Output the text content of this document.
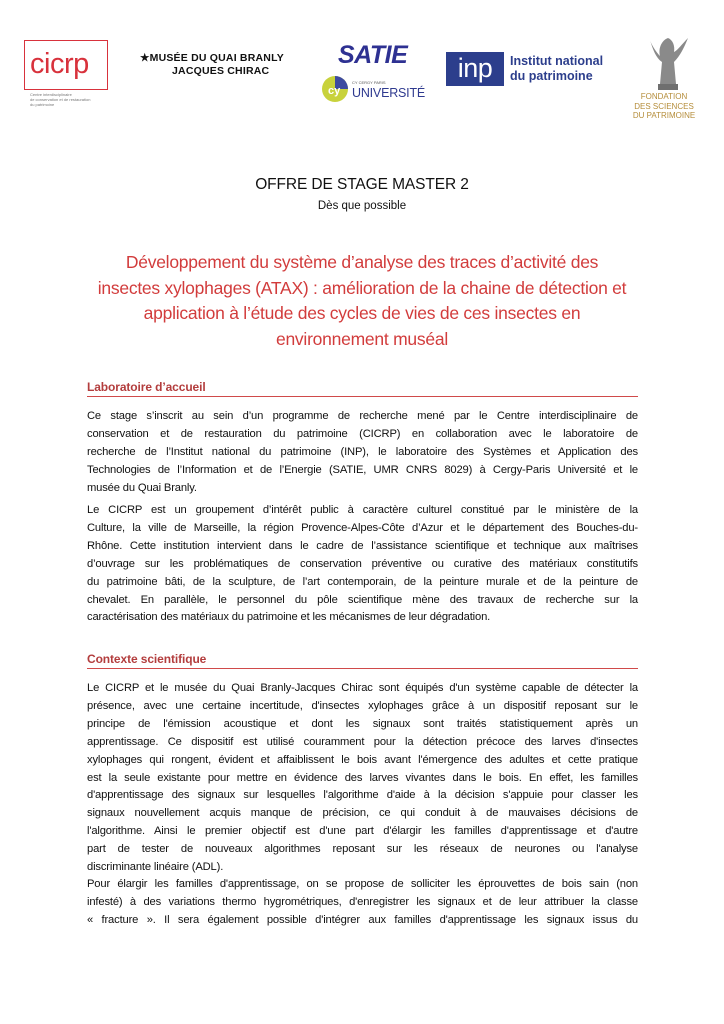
cicrp
Centre interdisciplinaire
de conservation et de restauration
du patrimoine
★MUSÉE DU QUAI BRANLY
JACQUES CHIRAC
SATIE
cy
CY CERGY PARIS
UNIVERSITÉ
inp	Institut national
du patrimoine
FONDATION
DES SCIENCES
DU PATRIMOINE
OFFRE DE STAGE MASTER 2
Dès que possible
Développement du système d’analyse des traces d’activité des
insectes xylophages (ATAX) : amélioration de la chaine de détection et
application à l’étude des cycles de vies de ces insectes en
environnement muséal
Laboratoire d’accueil
Ce stage s’inscrit au sein d’un programme de recherche mené par le Centre interdisciplinaire de
conservation et de restauration du patrimoine (CICRP) en collaboration avec le laboratoire de
recherche de l’Institut national du patrimoine (INP), le laboratoire des Systèmes et Application des
Technologies de l’Information et de l’Energie (SATIE, UMR CNRS 8029) à Cergy-Paris Université et le
musée du Quai Branly.
Le CICRP est un groupement d’intérêt public à caractère culturel constitué par le ministère de la
Culture, la ville de Marseille, la région Provence-Alpes-Côte d’Azur et le département des Bouches-du-
Rhône. Cette institution intervient dans le cadre de l’assistance scientifique et technique aux maîtrises
d’ouvrage sur les problématiques de conservation préventive ou curative des matériaux constitutifs
du patrimoine bâti, de la sculpture, de l’art contemporain, de la peinture murale et de la peinture de
chevalet. En parallèle, le personnel du pôle scientifique mène des travaux de recherche sur la
caractérisation des matériaux du patrimoine et les mécanismes de leur dégradation.
Contexte scientifique
Le CICRP et le musée du Quai Branly-Jacques Chirac sont équipés d'un système capable de détecter la
présence, avec une certaine incertitude, d'insectes xylophages grâce à un dispositif reposant sur le
principe de l'émission acoustique et dont les signaux sont traités statistiquement après un
apprentissage. Ce dispositif est utilisé couramment pour la détection précoce des larves d'insectes
xylophages qui rongent, évident et affaiblissent le bois avant l'émergence des adultes et cette pratique
est la seule existante pour mettre en évidence des larves vivantes dans le bois. En effet, les familles
d'apprentissage des signaux sur lesquelles l'algorithme d'aide à la décision s'appuie pour classer les
signaux nouvellement acquis manque de précision, ce qui conduit à de mauvaises décisions de
l'algorithme. Ainsi le premier objectif est d'une part d'élargir les familles d'apprentissage et d'autre
part de tester de nouveaux algorithmes reposant sur les réseaux de neurones ou l'analyse
discriminante linéaire (ADL).
Pour élargir les familles d'apprentissage, on se propose de solliciter les éprouvettes de bois sain (non
infesté) à des variations thermo hygrométriques, d'enregistrer les signaux et de leur attribuer la classe
« fracture ». Il sera également possible d'intégrer aux familles d'apprentissage les signaux issus du
